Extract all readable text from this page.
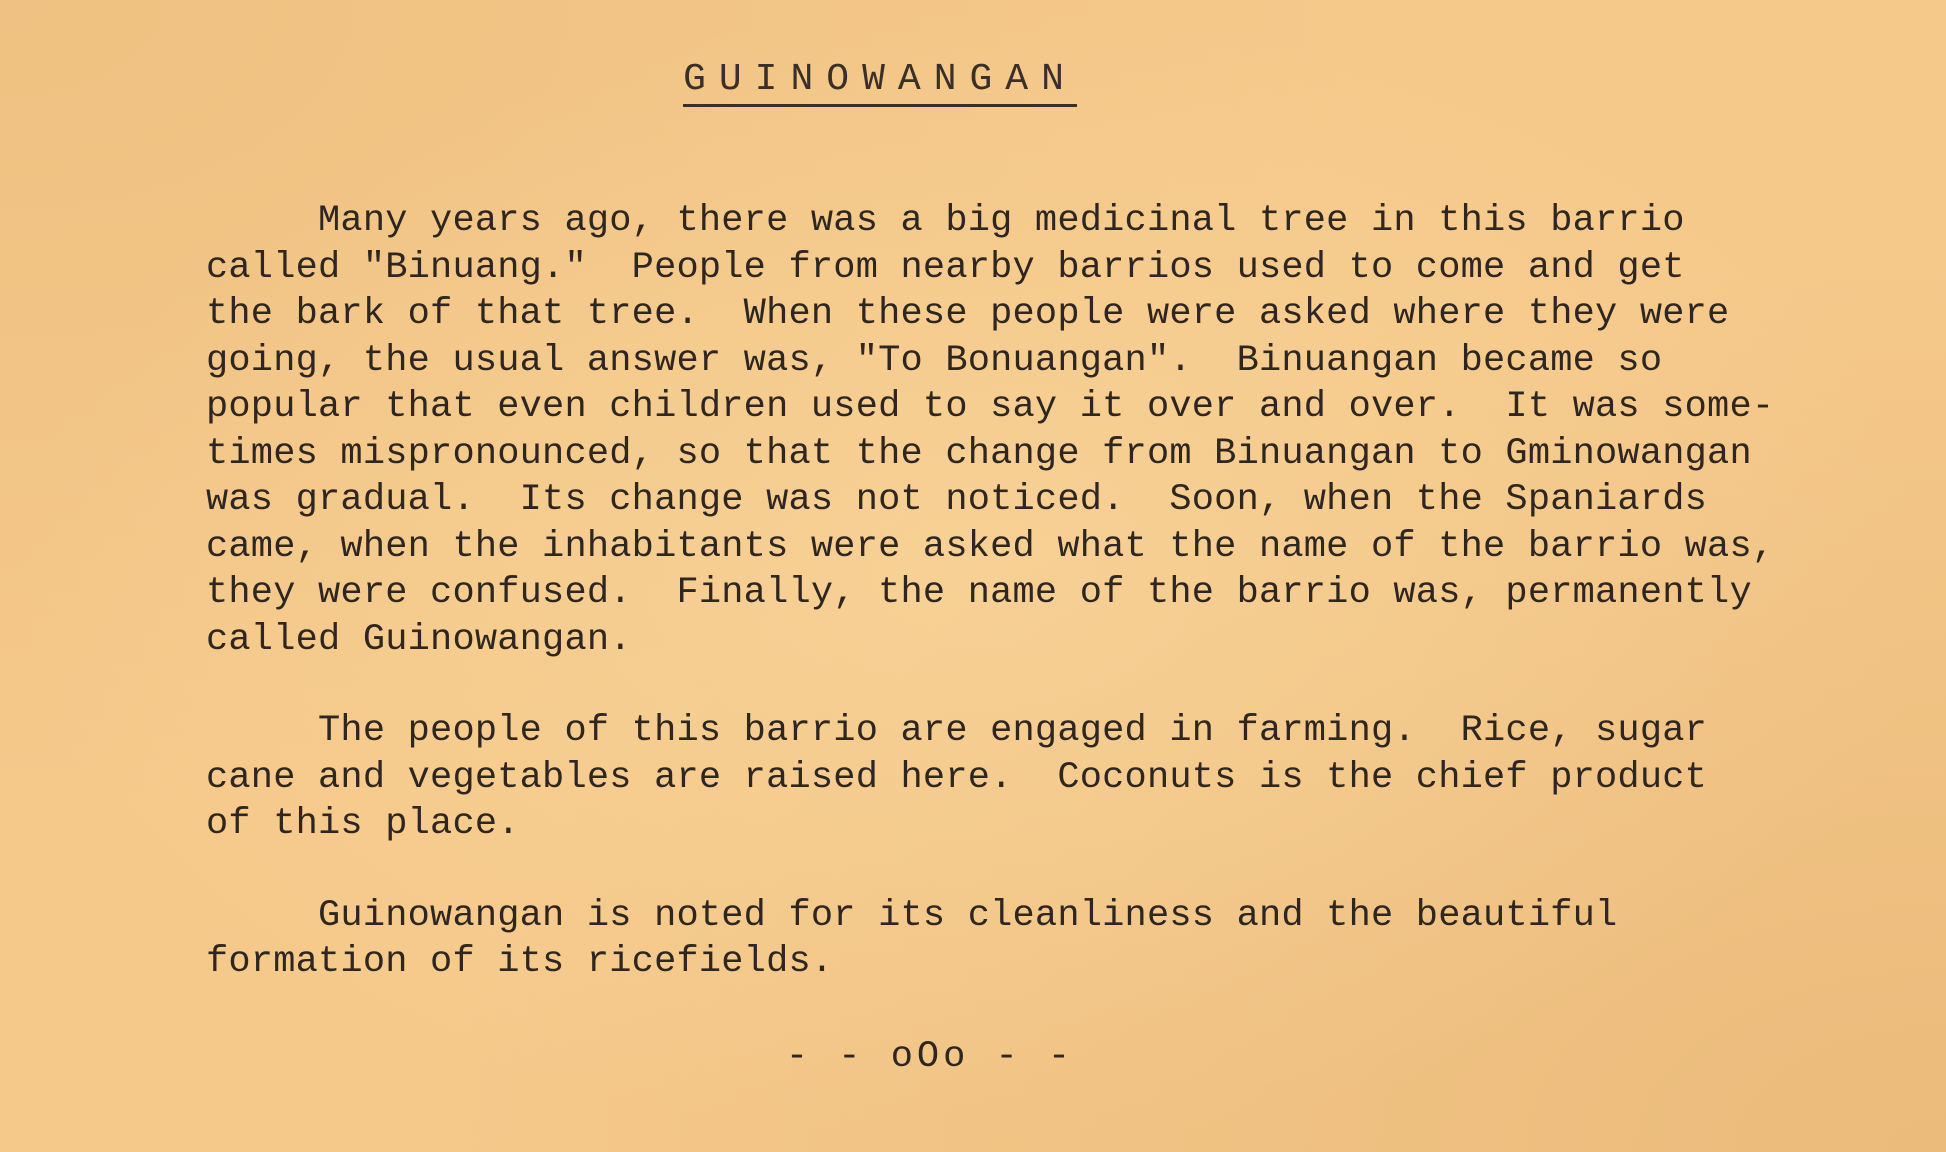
GUINOWANGAN
Many years ago, there was a big medicinal tree in this barrio
called "Binuang."  People from nearby barrios used to come and get
the bark of that tree.  When these people were asked where they were
going, the usual answer was, "To Bonuangan".  Binuangan became so
popular that even children used to say it over and over.  It was some-
times mispronounced, so that the change from Binuangan to Gminowangan
was gradual.  Its change was not noticed.  Soon, when the Spaniards
came, when the inhabitants were asked what the name of the barrio was,
they were confused.  Finally, the name of the barrio was, permanently
called Guinowangan.
The people of this barrio are engaged in farming.  Rice, sugar
cane and vegetables are raised here.  Coconuts is the chief product
of this place.
Guinowangan is noted for its cleanliness and the beautiful
formation of its ricefields.
- - oOo - -
